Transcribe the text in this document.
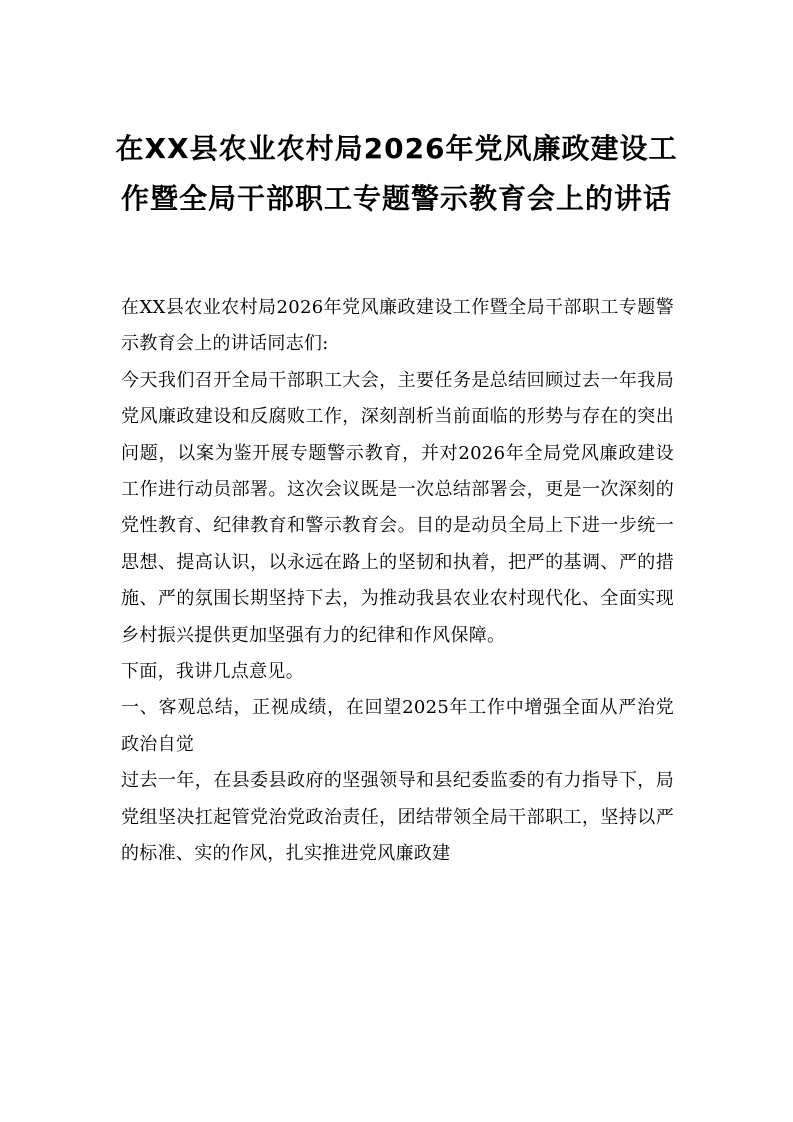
在XX县农业农村局2026年党风廉政建设工作暨全局干部职工专题警示教育会上的讲话

在XX县农业农村局2026年党风廉政建设工作暨全局干部职工专题警示教育会上的讲话同志们:

今天我们召开全局干部职工大会，主要任务是总结回顾过去一年我局党风廉政建设和反腐败工作，深刻剖析当前面临的形势与存在的突出问题，以案为鉴开展专题警示教育，并对2026年全局党风廉政建设工作进行动员部署。这次会议既是一次总结部署会，更是一次深刻的党性教育、纪律教育和警示教育会。目的是动员全局上下进一步统一思想、提高认识，以永远在路上的坚韧和执着，把严的基调、严的措施、严的氛围长期坚持下去，为推动我县农业农村现代化、全面实现乡村振兴提供更加坚强有力的纪律和作风保障。

下面，我讲几点意见。

一、客观总结，正视成绩，在回望2025年工作中增强全面从严治党政治自觉

过去一年，在县委县政府的坚强领导和县纪委监委的有力指导下，局党组坚决扛起管党治党政治责任，团结带领全局干部职工，坚持以严的标准、实的作风，扎实推进党风廉政建
